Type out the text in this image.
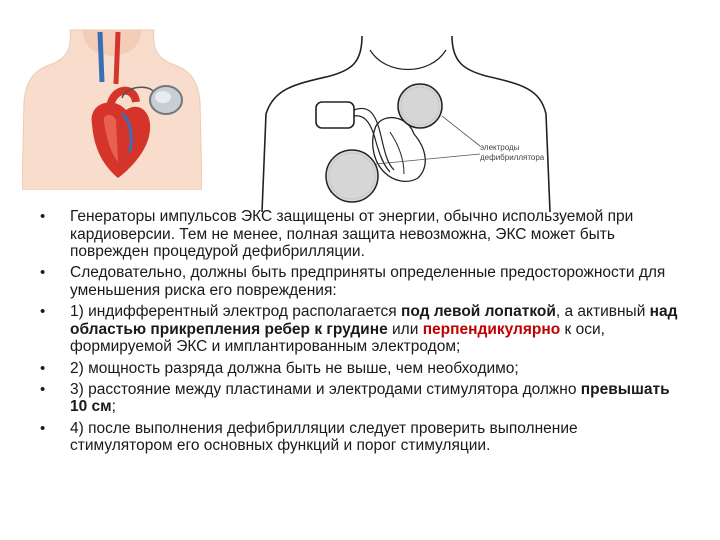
электроды
дефибриллятора
• Генераторы импульсов ЭКС защищены от энергии, обычно используемой при кардиоверсии. Тем не менее, полная защита невозможна, ЭКС может быть поврежден процедурой дефибрилляции.
• Следовательно, должны быть предприняты определенные предосторожности для уменьшения риска его повреждения:
• 1) индифферентный электрод располагается под левой лопаткой, а активный над областью прикрепления ребер к грудине или перпендикулярно к оси, формируемой ЭКС и имплантированным электродом;
• 2) мощность разряда должна быть не выше, чем необходимо;
• 3) расстояние между пластинами и электродами стимулятора должно превышать 10 см;
• 4) после выполнения дефибрилляции следует проверить выполнение стимулятором его основных функций и порог стимуляции.
